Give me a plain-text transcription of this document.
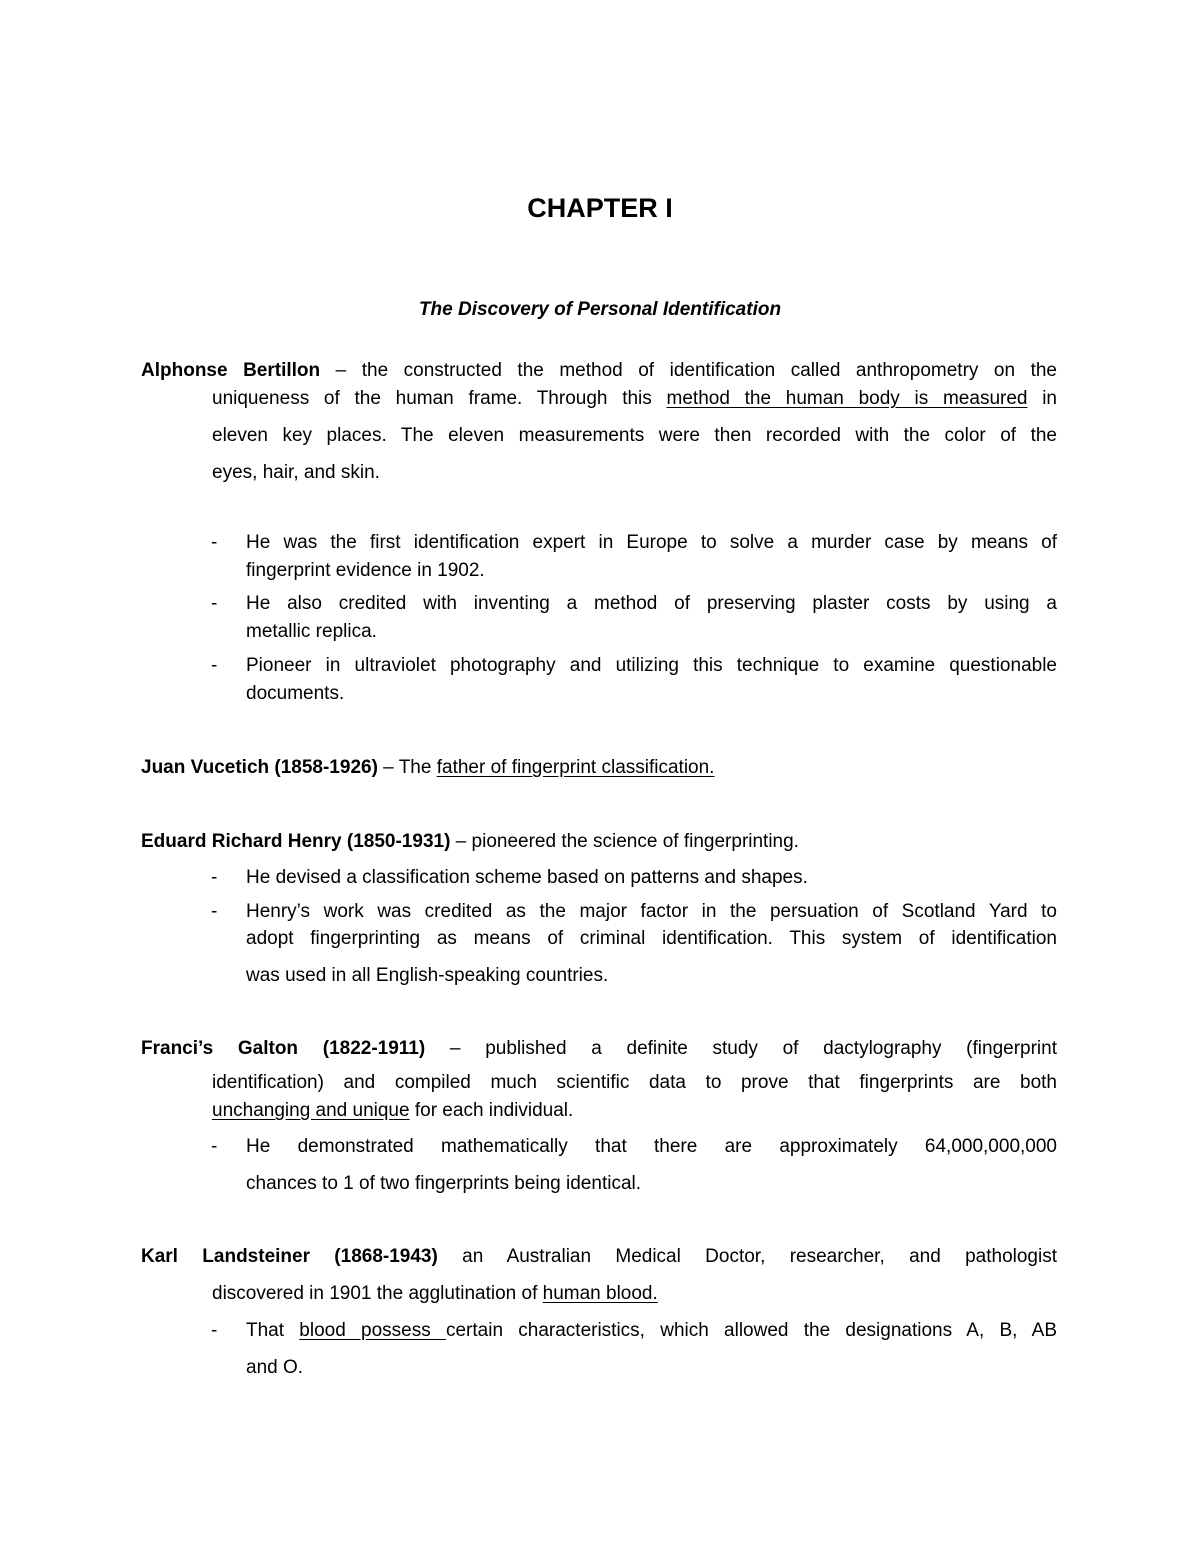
CHAPTER I
The Discovery of Personal Identification
Alphonse Bertillon – the constructed the method of identification called anthropometry on the
uniqueness of the human frame. Through this method the human body is measured in
eleven key places. The eleven measurements were then recorded with the color of the
eyes, hair, and skin.
- He was the first identification expert in Europe to solve a murder case by means of
fingerprint evidence in 1902.
- He also credited with inventing a method of preserving plaster costs by using a
metallic replica.
- Pioneer in ultraviolet photography and utilizing this technique to examine questionable
documents.
Juan Vucetich (1858-1926) – The father of fingerprint classification.
Eduard Richard Henry (1850-1931) – pioneered the science of fingerprinting.
- He devised a classification scheme based on patterns and shapes.
- Henry’s work was credited as the major factor in the persuation of Scotland Yard to
adopt fingerprinting as means of criminal identification. This system of identification
was used in all English-speaking countries.
Franci’s Galton (1822-1911) – published a definite study of dactylography (fingerprint
identification) and compiled much scientific data to prove that fingerprints are both
unchanging and unique for each individual.
- He demonstrated mathematically that there are approximately 64,000,000,000
chances to 1 of two fingerprints being identical.
Karl Landsteiner (1868-1943) an Australian Medical Doctor, researcher, and pathologist
discovered in 1901 the agglutination of human blood.
- That blood possess certain characteristics, which allowed the designations A, B, AB
and O.
